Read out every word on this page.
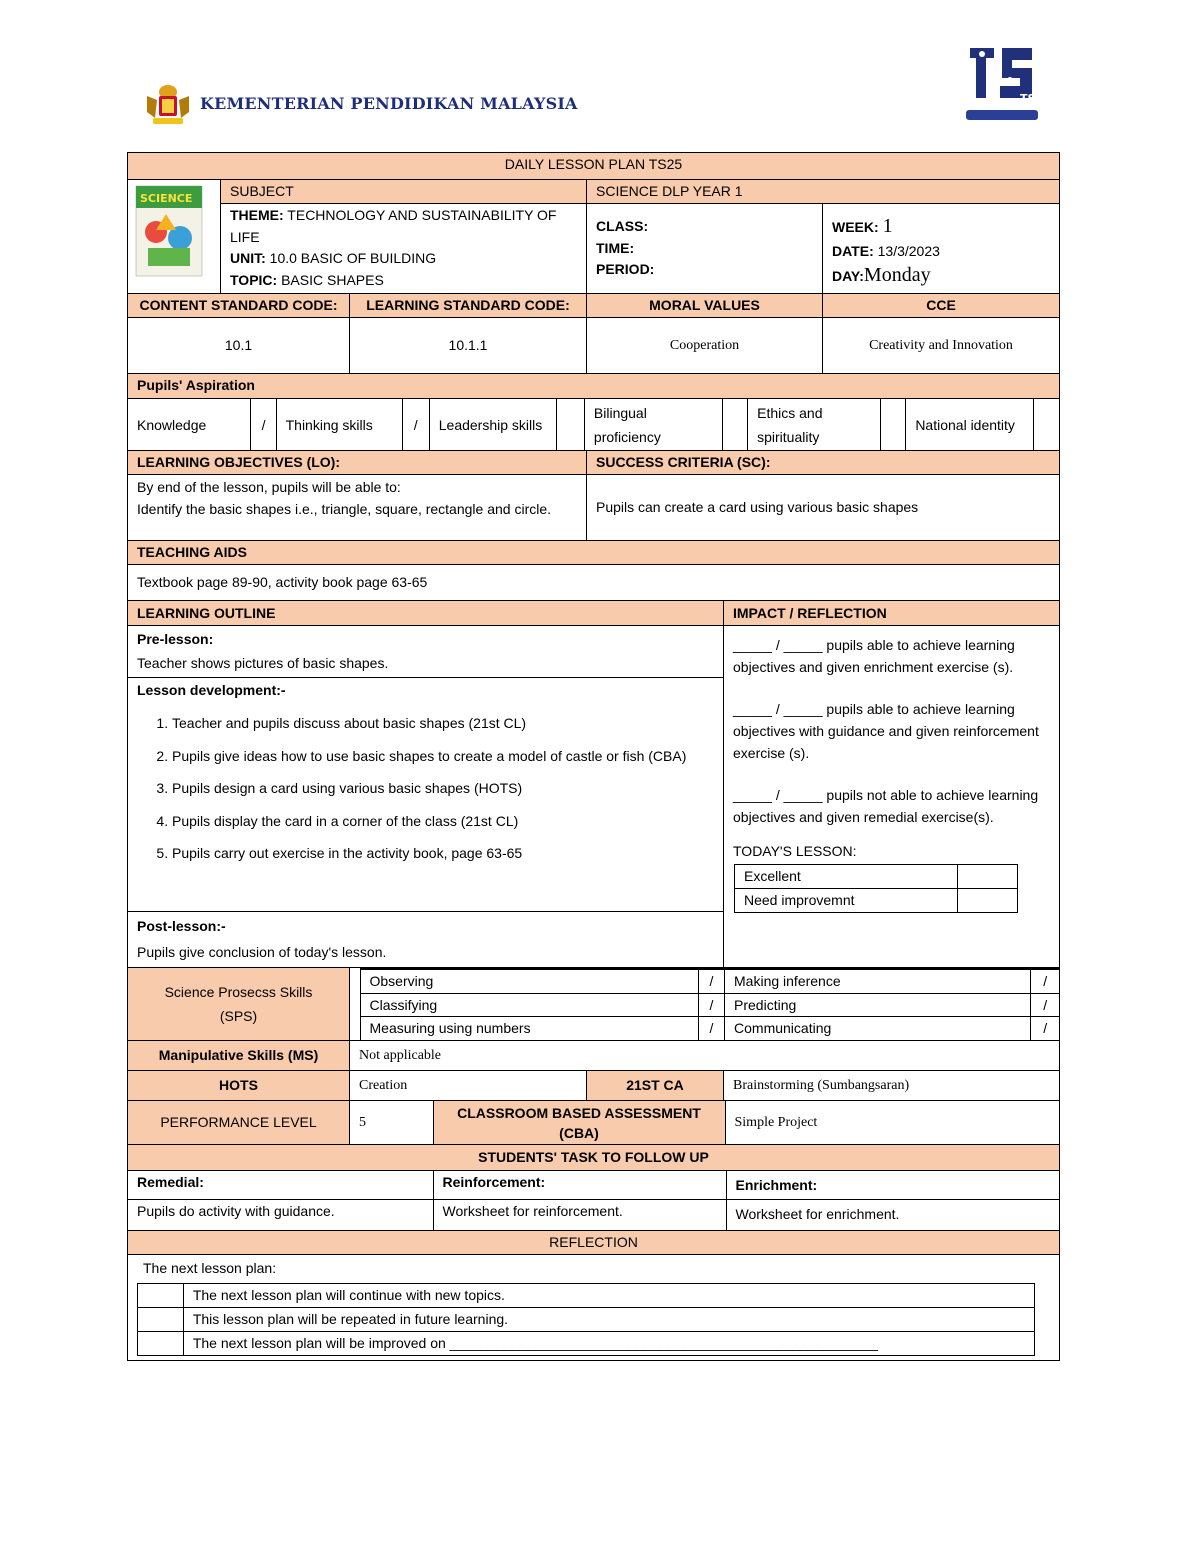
KEMENTERIAN PENDIDIKAN MALAYSIA	TS25
DAILY LESSON PLAN TS25

SCIENCE	SUBJECT	SCIENCE DLP YEAR 1
THEME: TECHNOLOGY AND SUSTAINABILITY OF LIFE
UNIT: 10.0 BASIC OF BUILDING
TOPIC: BASIC SHAPES	CLASS:
TIME:
PERIOD:	WEEK: 1
DATE: 13/3/2023
DAY:Monday
CONTENT STANDARD CODE:	LEARNING STANDARD CODE:	MORAL VALUES	CCE
10.1	10.1.1	Cooperation	Creativity and Innovation
Pupils' Aspiration

Knowledge	/	Thinking skills	/	Leadership skills		Bilingual proficiency		Ethics and spirituality		National identity	

LEARNING OBJECTIVES (LO):	SUCCESS CRITERIA (SC):

By end of the lesson, pupils will be able to:
Identify the basic shapes i.e., triangle, square, rectangle and circle.	Pupils can create a card using various basic shapes
TEACHING AIDS
Textbook page 89-90, activity book page 63-65
LEARNING OUTLINE	IMPACT / REFLECTION

Pre-lesson:
Teacher shows pictures of basic shapes.
Lesson development:-
1. Teacher and pupils discuss about basic shapes (21st CL)
2. Pupils give ideas how to use basic shapes to create a model of castle or fish (CBA)
3. Pupils design a card using various basic shapes (HOTS)
4. Pupils display the card in a corner of the class (21st CL)
5. Pupils carry out exercise in the activity book, page 63-65
Post-lesson:-
Pupils give conclusion of today's lesson.

_____ / _____ pupils able to achieve learning objectives and given enrichment exercise (s).
_____ / _____ pupils able to achieve learning objectives with guidance and given reinforcement exercise (s).
_____ / _____ pupils not able to achieve learning objectives and given remedial exercise(s).
TODAY'S LESSON:
Excellent	
Need improvemnt	

Science Prosecss Skills (SPS)	
	Observing	/	Making inference	/
Classifying	/	Predicting	/
Measuring using numbers	/	Communicating	/

Manipulative Skills (MS)	Not applicable
HOTS	Creation	21ST CA	Brainstorming (Sumbangsaran)
PERFORMANCE LEVEL		5	CLASSROOM BASED ASSESSMENT (CBA)	Simple Project

STUDENTS' TASK TO FOLLOW UP

Remedial:	Reinforcement:	Enrichment:
Pupils do activity with guidance.	Worksheet for reinforcement.	Worksheet for enrichment.

REFLECTION

The next lesson plan:
	The next lesson plan will continue with new topics.
	This lesson plan will be repeated in future learning.
	The next lesson plan will be improved on _______________________________________________________
